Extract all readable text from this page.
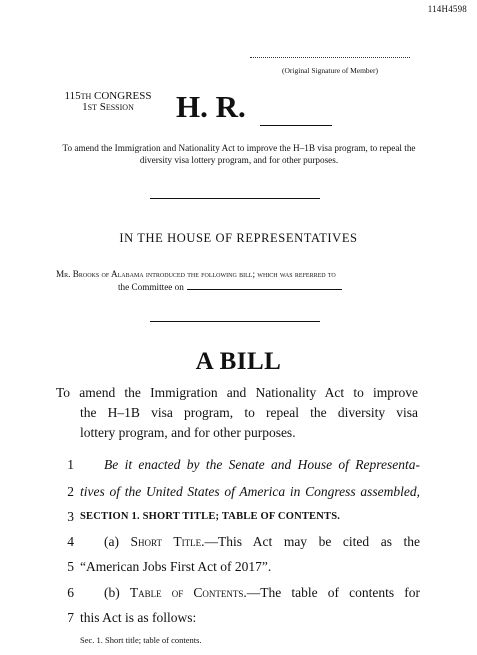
114H4598
(Original Signature of Member)
115th CONGRESS
1st Session	H. R.
To amend the Immigration and Nationality Act to improve the H–1B visa program, to repeal the diversity visa lottery program, and for other purposes.
IN THE HOUSE OF REPRESENTATIVES
Mr. Brooks of Alabama introduced the following bill; which was referred to
the Committee on
A BILL
To amend the Immigration and Nationality Act to improve
the H–1B visa program, to repeal the diversity visa
lottery program, and for other purposes.
1	Be it enacted by the Senate and House of Representa-
2 tives of the United States of America in Congress assembled,
3 SECTION 1. SHORT TITLE; TABLE OF CONTENTS.
4	(a) Short Title.—This Act may be cited as the
5 “American Jobs First Act of 2017”.
6	(b) Table of Contents.—The table of contents for
7 this Act is as follows:
Sec. 1. Short title; table of contents.
